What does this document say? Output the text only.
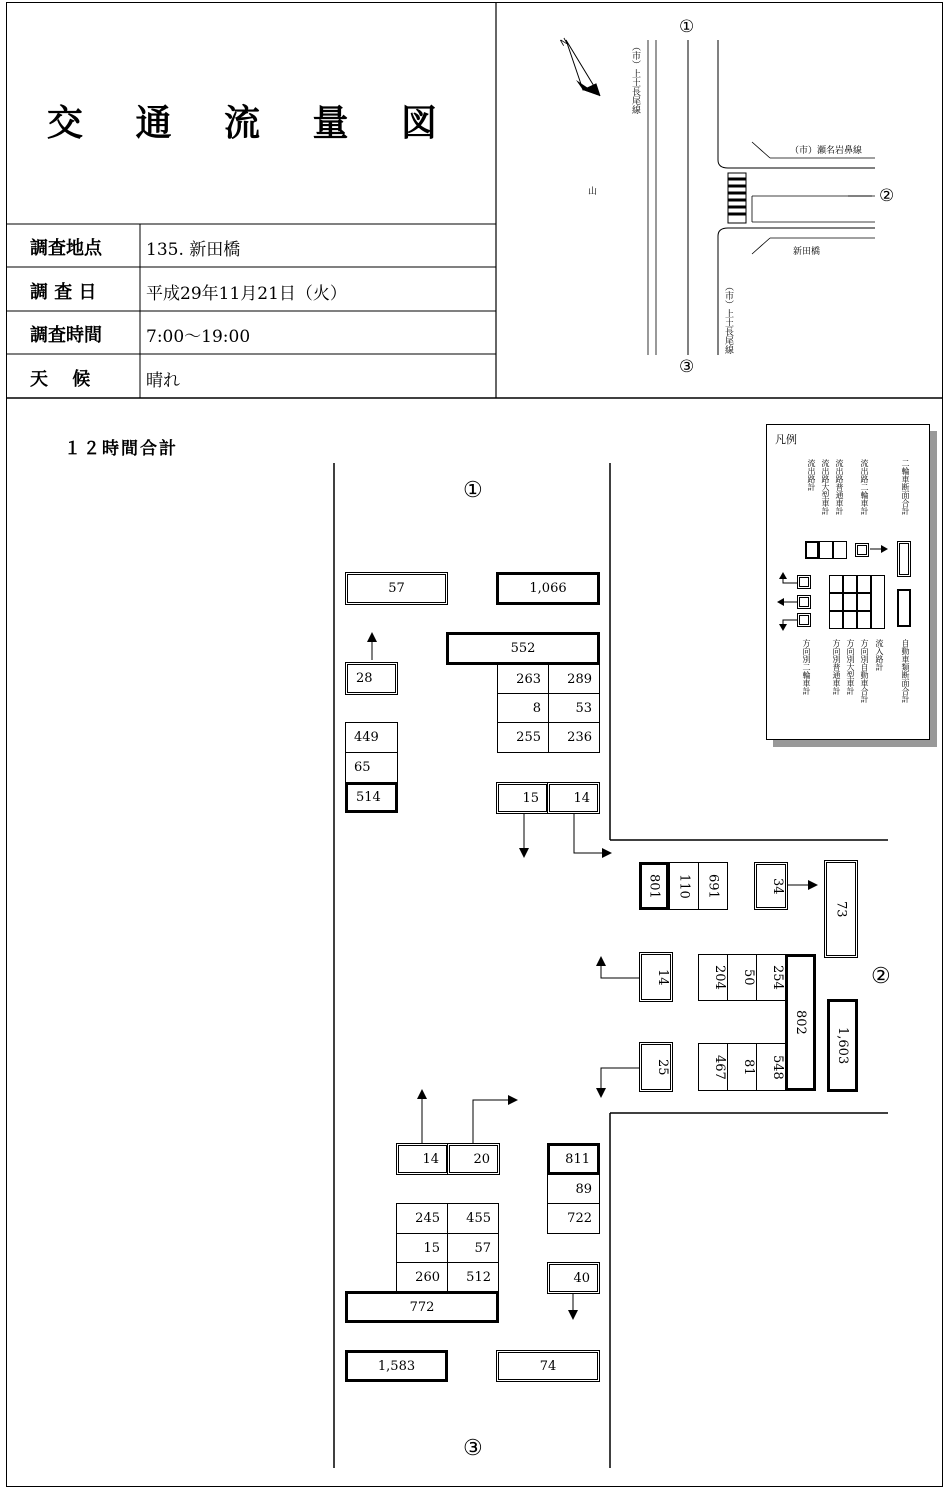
交 通 流 量 図
調査地点	135. 新田橋
調 査 日	平成29年11月21日（火）
調査時間	7:00～19:00
天　 候	晴れ
N
①
②
③
（市）上土長尾線
（市）上土長尾線
（市）瀬名岩鼻線
新田橋
山
１２時間合計
①
②
③
57	1,066
552
28	263	289
8	53
255	236
449
65
514	15	14
801	110	691	34
73
14	204	50	254
802
467	81	548
25
1,603
14	20	811
89
722
245	455
15	57
260	512	40
772
1,583	74
凡例
流出路計 流出路大型車計 流出路普通車計 流出路二輪車計	二輪車断面合計
方向別二輪車計	方向別普通車計 方向別大型車計 方向別自動車合計 流入路計 自動車類断面合計
